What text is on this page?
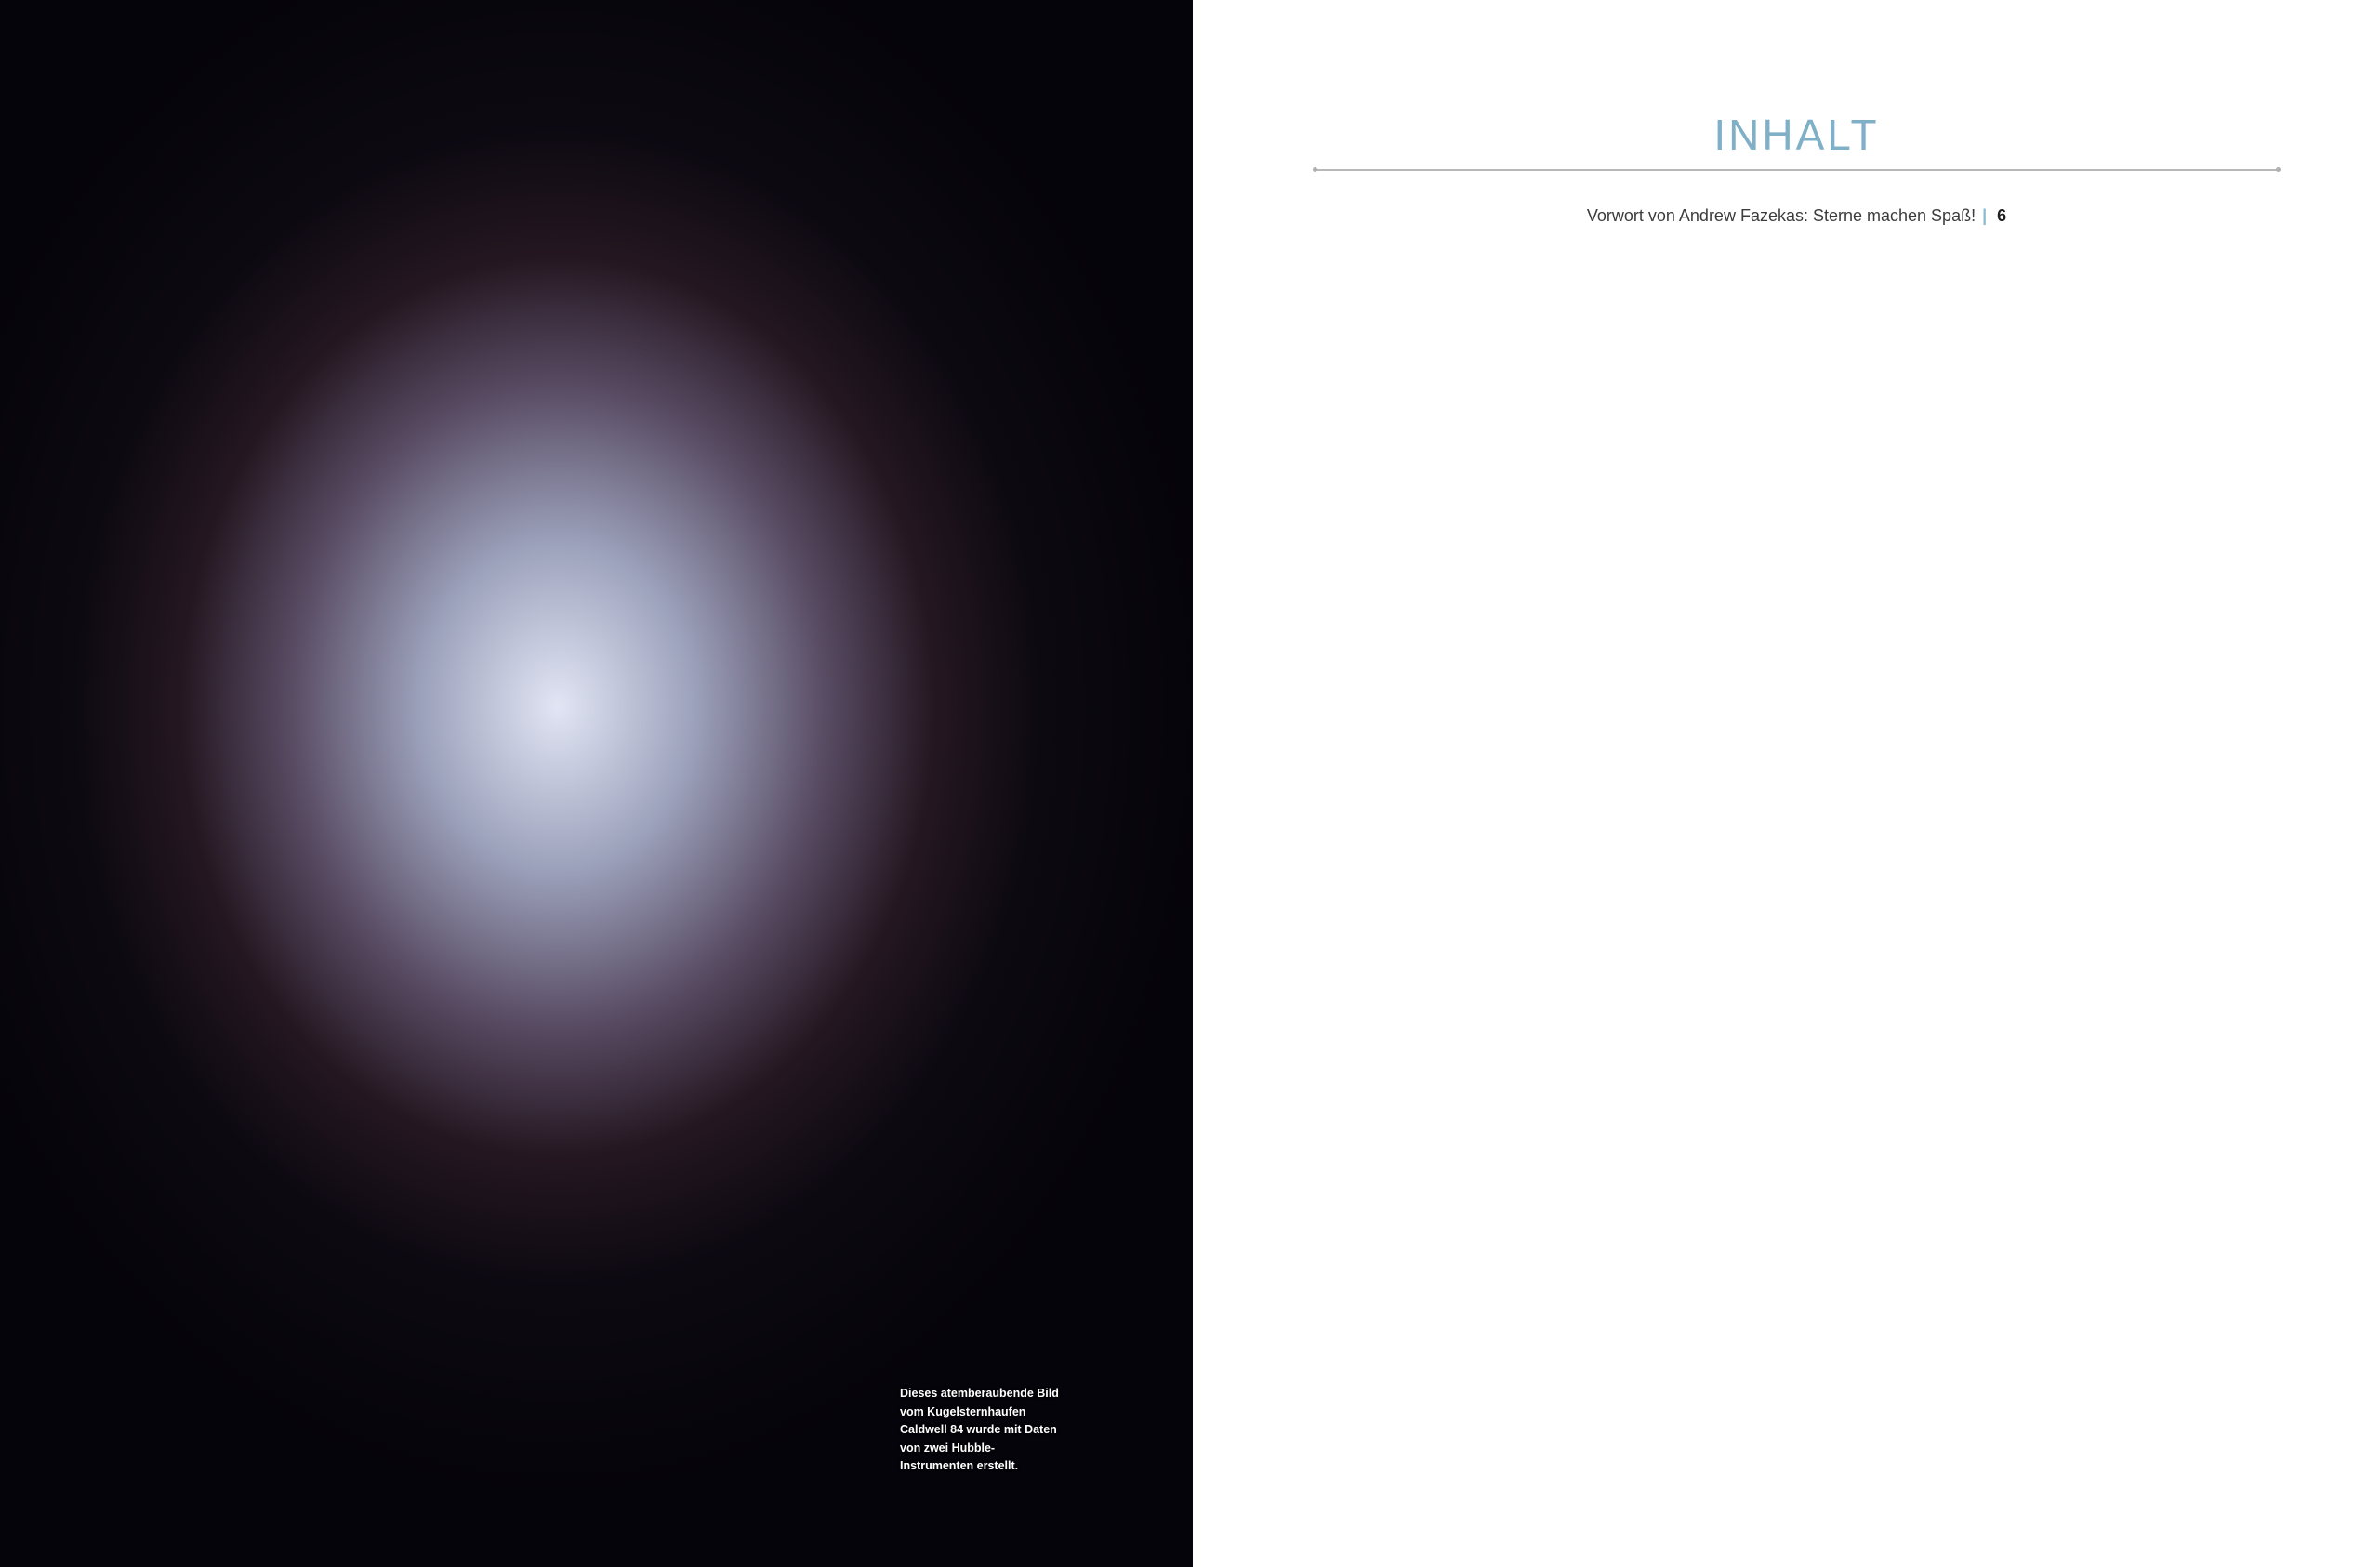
Dieses atemberaubende Bild vom Kugelsternhaufen Caldwell 84 wurde mit Daten von zwei Hubble-Instrumenten erstellt.
INHALT
Vorwort von Andrew Fazekas: Sterne machen Spaß! | 6
